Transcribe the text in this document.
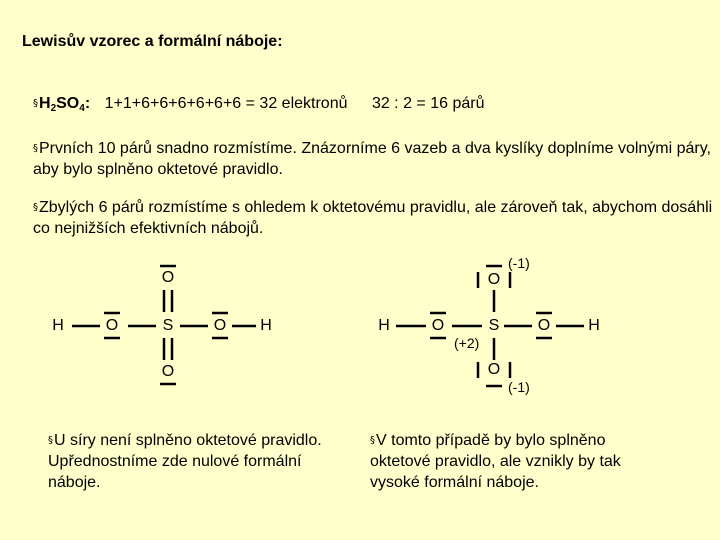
Lewisův vzorec a formální náboje:
$\S H_2SO_4$: 1+1+6+6+6+6+6+6 = 32 elektronů 32 : 2 = 16 párů
§Prvních 10 párů snadno rozmístíme. Znázorníme 6 vazeb a dva kyslíky doplníme volnými páry, aby bylo splněno oktetové pravidlo.
§Zbylých 6 párů rozmístíme s ohledem k oktetovému pravidlu, ale zároveň tak, abychom dosáhli co nejnižších efektivních nábojů.
H	O	S	O H
O
O
H	O	S O H
O
O
(-1)
(+2)
(-1)
§U síry není splněno oktetové pravidlo. Upřednostníme zde nulové formální náboje.
§V tomto případě by bylo splněno oktetové pravidlo, ale vznikly by tak vysoké formální náboje.
